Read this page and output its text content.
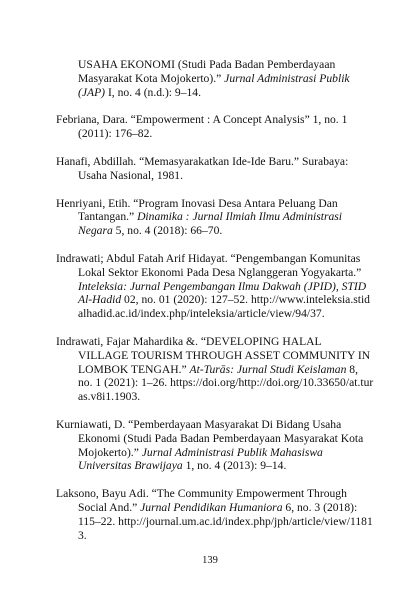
USAHA EKONOMI (Studi Pada Badan Pemberdayaan Masyarakat Kota Mojokerto).” Jurnal Administrasi Publik (JAP) I, no. 4 (n.d.): 9–14.

Febriana, Dara. “Empowerment : A Concept Analysis” 1, no. 1 (2011): 176–82.

Hanafi, Abdillah. “Memasyarakatkan Ide-Ide Baru.” Surabaya: Usaha Nasional, 1981.

Henriyani, Etih. “Program Inovasi Desa Antara Peluang Dan Tantangan.” Dinamika : Jurnal Ilmiah Ilmu Administrasi Negara 5, no. 4 (2018): 66–70.

Indrawati; Abdul Fatah Arif Hidayat. “Pengembangan Komunitas Lokal Sektor Ekonomi Pada Desa Nglanggeran Yogyakarta.” Inteleksia: Jurnal Pengembangan Ilmu Dakwah (JPID), STID Al-Hadid 02, no. 01 (2020): 127–52. http://www.inteleksia.stidalhadid.ac.id/index.php/inteleksia/article/view/94/37.

Indrawati, Fajar Mahardika &. “DEVELOPING HALAL VILLAGE TOURISM THROUGH ASSET COMMUNITY IN LOMBOK TENGAH.” At-Turās: Jurnal Studi Keislaman 8, no. 1 (2021): 1–26. https://doi.org/http://doi.org/10.33650/at.turas.v8i1.1903.

Kurniawati, D. “Pemberdayaan Masyarakat Di Bidang Usaha Ekonomi (Studi Pada Badan Pemberdayaan Masyarakat Kota Mojokerto).” Jurnal Administrasi Publik Mahasiswa Universitas Brawijaya 1, no. 4 (2013): 9–14.

Laksono, Bayu Adi. “The Community Empowerment Through Social And.” Jurnal Pendidikan Humaniora 6, no. 3 (2018): 115–22. http://journal.um.ac.id/index.php/jph/article/view/11813.

139
